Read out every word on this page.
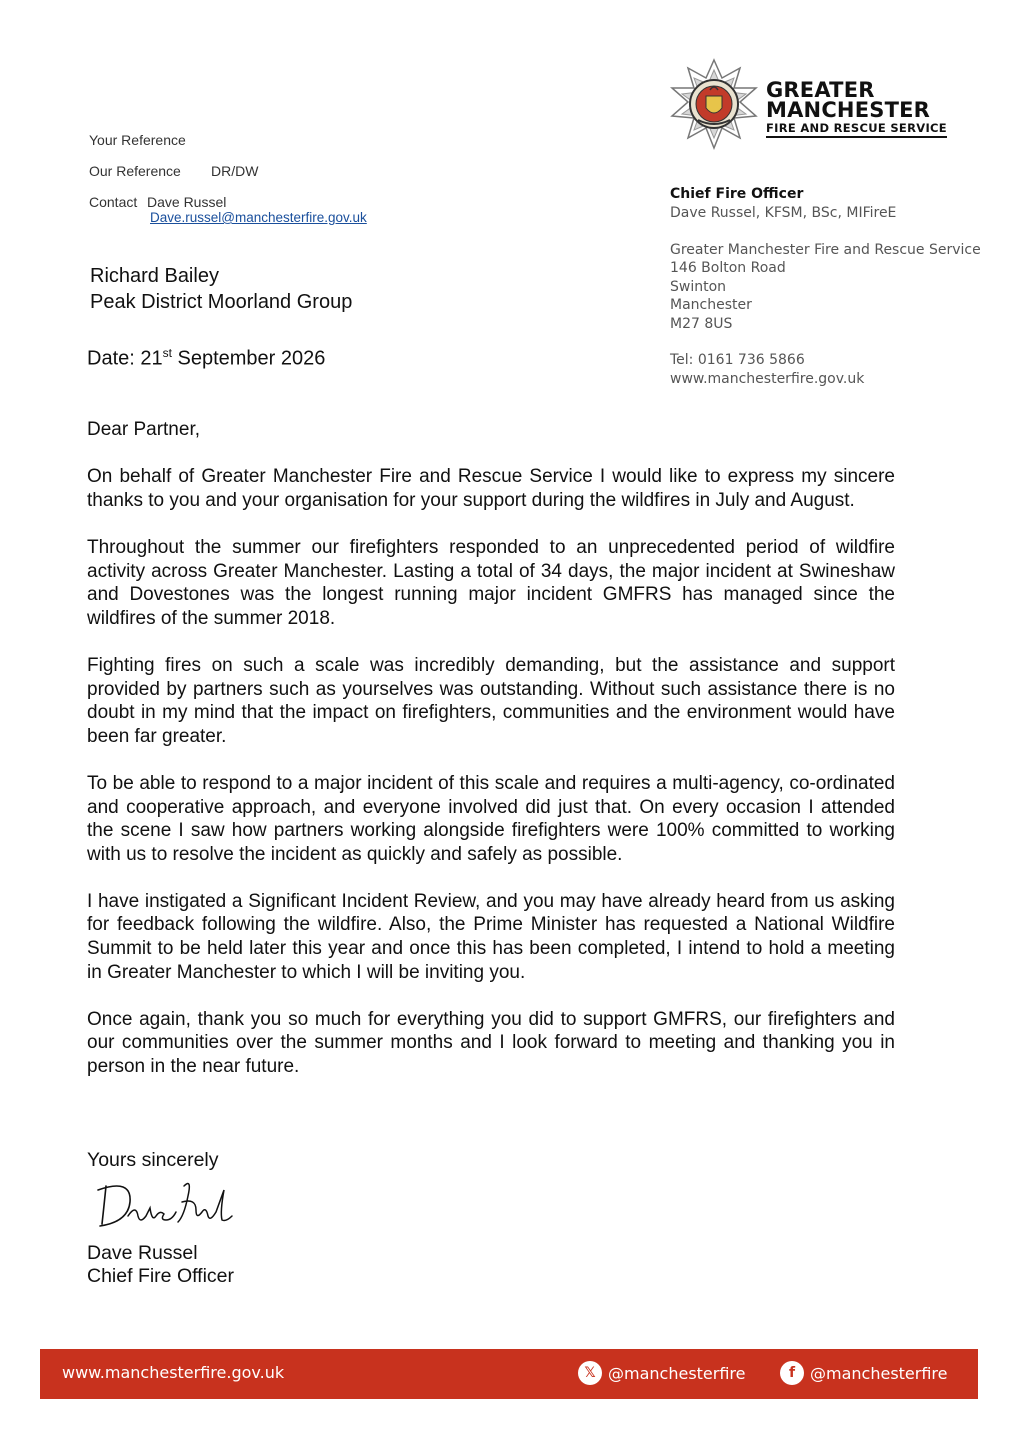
Your Reference
Our Reference DR/DW
Contact Dave Russel
Dave.russel@manchesterfire.gov.uk
GREATER
MANCHESTER
FIRE AND RESCUE SERVICE
Chief Fire Officer
Dave Russel, KFSM, BSc, MIFireE
Greater Manchester Fire and Rescue Service
146 Bolton Road
Swinton
Manchester
M27 8US
Tel: 0161 736 5866
www.manchesterfire.gov.uk
Richard Bailey
Peak District Moorland Group
Date: 21st September 2026

Dear Partner,

On behalf of Greater Manchester Fire and Rescue Service I would like to express my sincere thanks to you and your organisation for your support during the wildfires in July and August.

Throughout the summer our firefighters responded to an unprecedented period of wildfire activity across Greater Manchester. Lasting a total of 34 days, the major incident at Swineshaw and Dovestones was the longest running major incident GMFRS has managed since the wildfires of the summer 2018.

Fighting fires on such a scale was incredibly demanding, but the assistance and support provided by partners such as yourselves was outstanding. Without such assistance there is no doubt in my mind that the impact on firefighters, communities and the environment would have been far greater.

To be able to respond to a major incident of this scale and requires a multi-agency, co-ordinated and cooperative approach, and everyone involved did just that. On every occasion I attended the scene I saw how partners working alongside firefighters were 100% committed to working with us to resolve the incident as quickly and safely as possible.

I have instigated a Significant Incident Review, and you may have already heard from us asking for feedback following the wildfire. Also, the Prime Minister has requested a National Wildfire Summit to be held later this year and once this has been completed, I intend to hold a meeting in Greater Manchester to which I will be inviting you.

Once again, thank you so much for everything you did to support GMFRS, our firefighters and our communities over the summer months and I look forward to meeting and thanking you in person in the near future.

Yours sincerely
Dave Russel
Chief Fire Officer
www.manchesterfire.gov.uk	𝕏 @manchesterfire	f @manchesterfire
